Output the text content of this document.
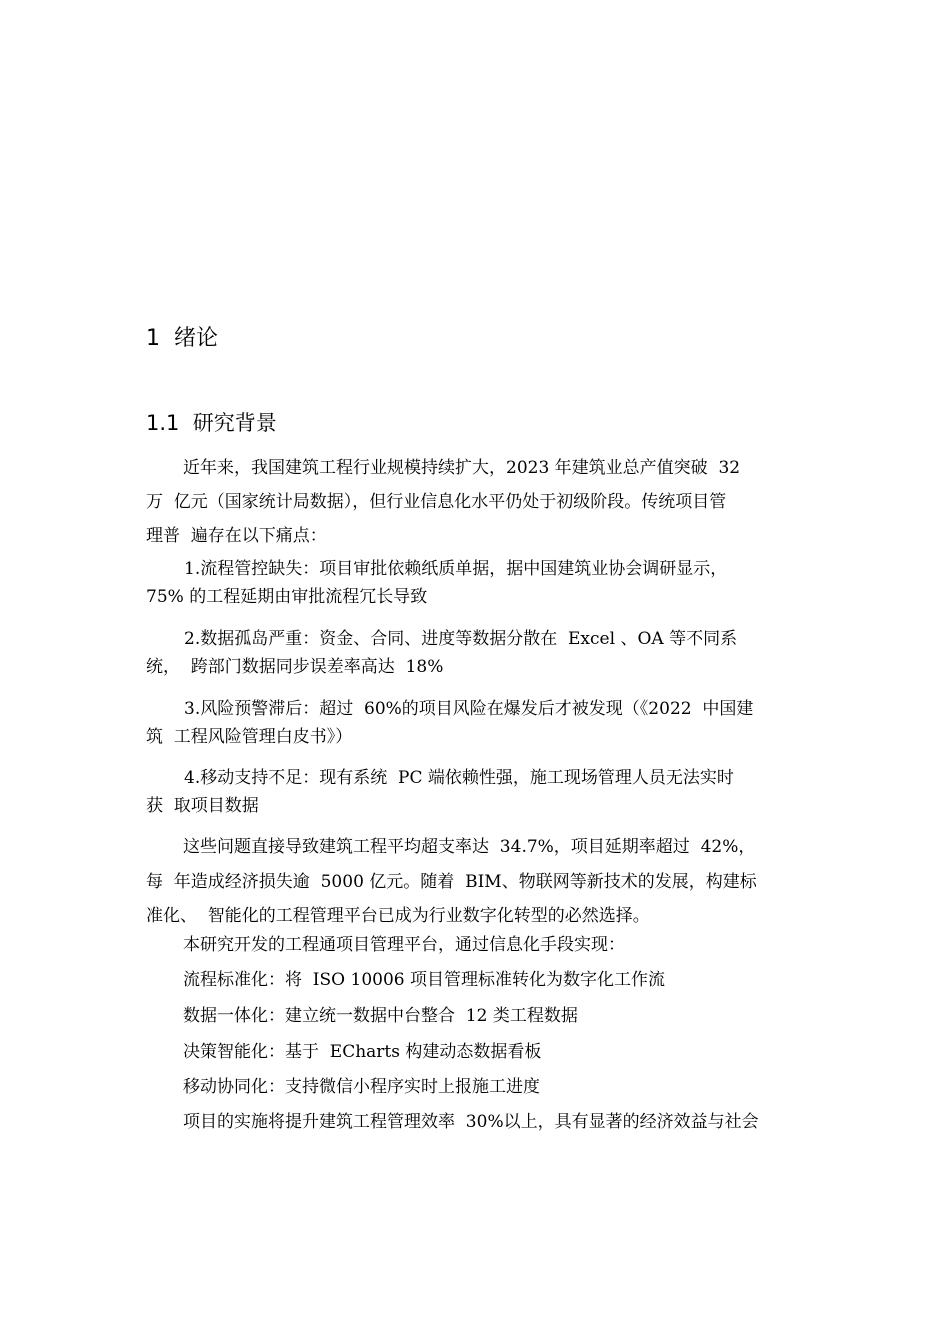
1  绪论
1.1  研究背景
近年来，我国建筑工程行业规模持续扩大，2023 年建筑业总产值突破  32
万  亿元（国家统计局数据），但行业信息化水平仍处于初级阶段。传统项目管
理普  遍存在以下痛点：
1.流程管控缺失：项目审批依赖纸质单据，据中国建筑业协会调研显示，
75% 的工程延期由审批流程冗长导致
2.数据孤岛严重：资金、合同、进度等数据分散在  Excel 、OA 等不同系
统，  跨部门数据同步误差率高达  18%
3.风险预警滞后：超过  60%的项目风险在爆发后才被发现（《2022  中国建
筑  工程风险管理白皮书》）
4.移动支持不足：现有系统  PC 端依赖性强，施工现场管理人员无法实时
获  取项目数据
这些问题直接导致建筑工程平均超支率达  34.7%，项目延期率超过  42%，
每  年造成经济损失逾  5000 亿元。随着  BIM、物联网等新技术的发展，构建标
准化、  智能化的工程管理平台已成为行业数字化转型的必然选择。
本研究开发的工程通项目管理平台，通过信息化手段实现：
流程标准化：将  ISO 10006 项目管理标准转化为数字化工作流
数据一体化：建立统一数据中台整合  12 类工程数据
决策智能化：基于  ECharts 构建动态数据看板
移动协同化：支持微信小程序实时上报施工进度
项目的实施将提升建筑工程管理效率  30%以上，具有显著的经济效益与社会
